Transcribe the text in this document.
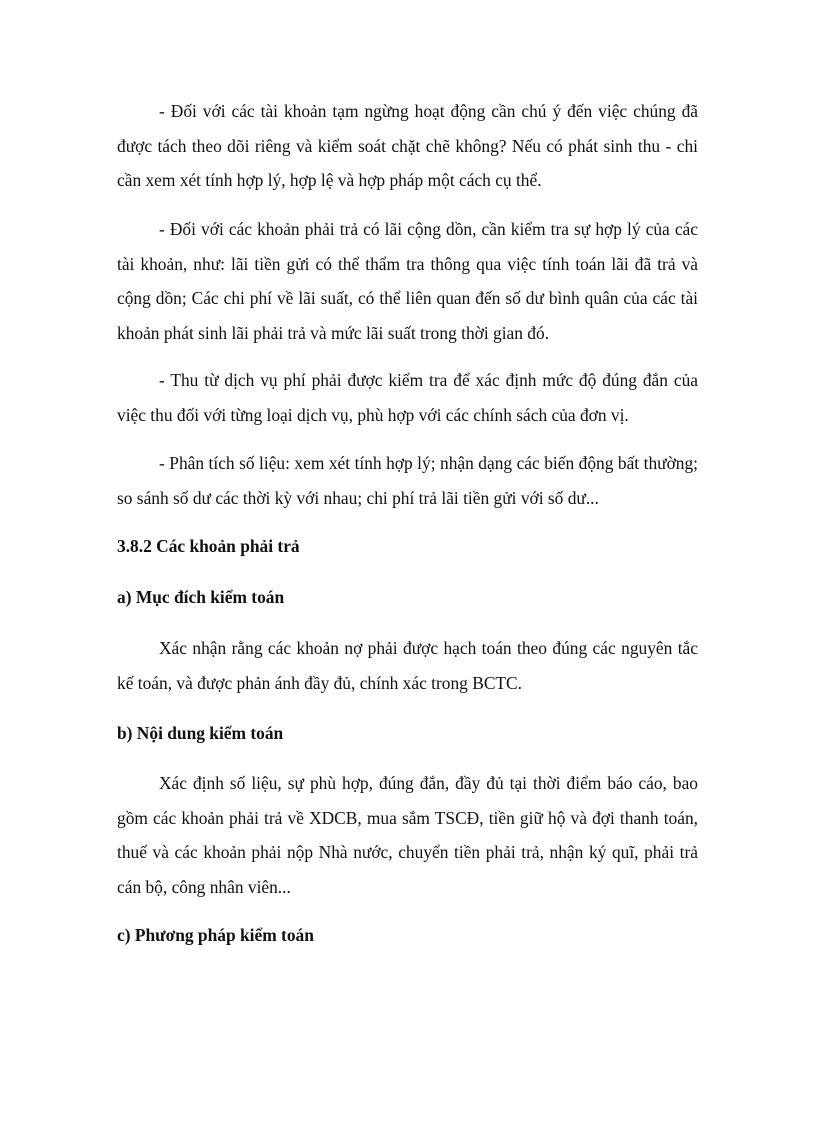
- Đối với các tài khoản tạm ngừng hoạt động cần chú ý đến việc chúng đã được tách theo dõi riêng và kiểm soát chặt chẽ không? Nếu có phát sinh thu - chi cần xem xét tính hợp lý, hợp lệ và hợp pháp một cách cụ thể.

- Đối với các khoản phải trả có lãi cộng dồn, cần kiểm tra sự hợp lý của các tài khoản, như: lãi tiền gửi có thể thẩm tra thông qua việc tính toán lãi đã trả và cộng dồn; Các chi phí về lãi suất, có thể liên quan đến số dư bình quân của các tài khoản phát sinh lãi phải trả và mức lãi suất trong thời gian đó.

- Thu từ dịch vụ phí phải được kiểm tra để xác định mức độ đúng đắn của việc thu đối với từng loại dịch vụ, phù hợp với các chính sách của đơn vị.

- Phân tích số liệu: xem xét tính hợp lý; nhận dạng các biến động bất thường; so sánh số dư các thời kỳ với nhau; chi phí trả lãi tiền gửi với số dư...

3.8.2 Các khoản phải trả
a) Mục đích kiểm toán

Xác nhận rằng các khoản nợ phải được hạch toán theo đúng các nguyên tắc kế toán, và được phản ánh đầy đủ, chính xác trong BCTC.

b) Nội dung kiểm toán

Xác định số liệu, sự phù hợp, đúng đắn, đầy đủ tại thời điểm báo cáo, bao gồm các khoản phải trả về XDCB, mua sắm TSCĐ, tiền giữ hộ và đợi thanh toán, thuế và các khoản phải nộp Nhà nước, chuyển tiền phải trả, nhận ký quĩ, phải trả cán bộ, công nhân viên...

c) Phương pháp kiểm toán
